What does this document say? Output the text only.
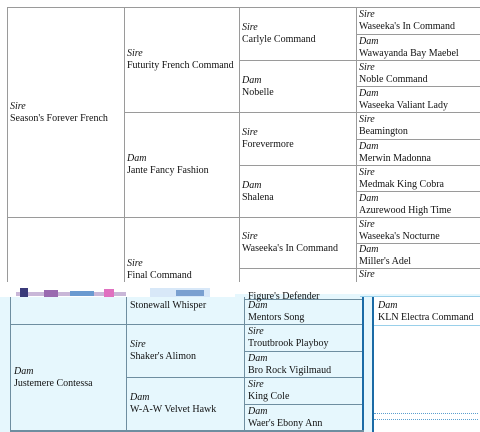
Sire
Season's Forever French
Sire
Futurity French Command
Dam
Jante Fancy Fashion
Sire
Final Command
Sire
Carlyle Command
Dam
Nobelle
Sire
Forevermore
Dam
Shalena
Sire
Waseeka's In Command
Sire
Waseeka's In Command
Dam
Wawayanda Bay Maebel
Sire
Noble Command
Dam
Waseeka Valiant Lady
Sire
Beamington
Dam
Merwin Madonna
Sire
Medmak King Cobra
Dam
Azurewood High Time
Sire
Waseeka's Nocturne
Dam
Miller's Adel
Sire
Stonewall Whisper
Figure's Defender
Dam
Justemere Contessa
Sire
Shaker's Alimon
Dam
W-A-W Velvet Hawk
Dam
Mentors Song
Sire
Troutbrook Playboy
Dam
Bro Rock Vigilmaud
Sire
King Cole
Dam
Waer's Ebony Ann
Dam
KLN Electra Command
